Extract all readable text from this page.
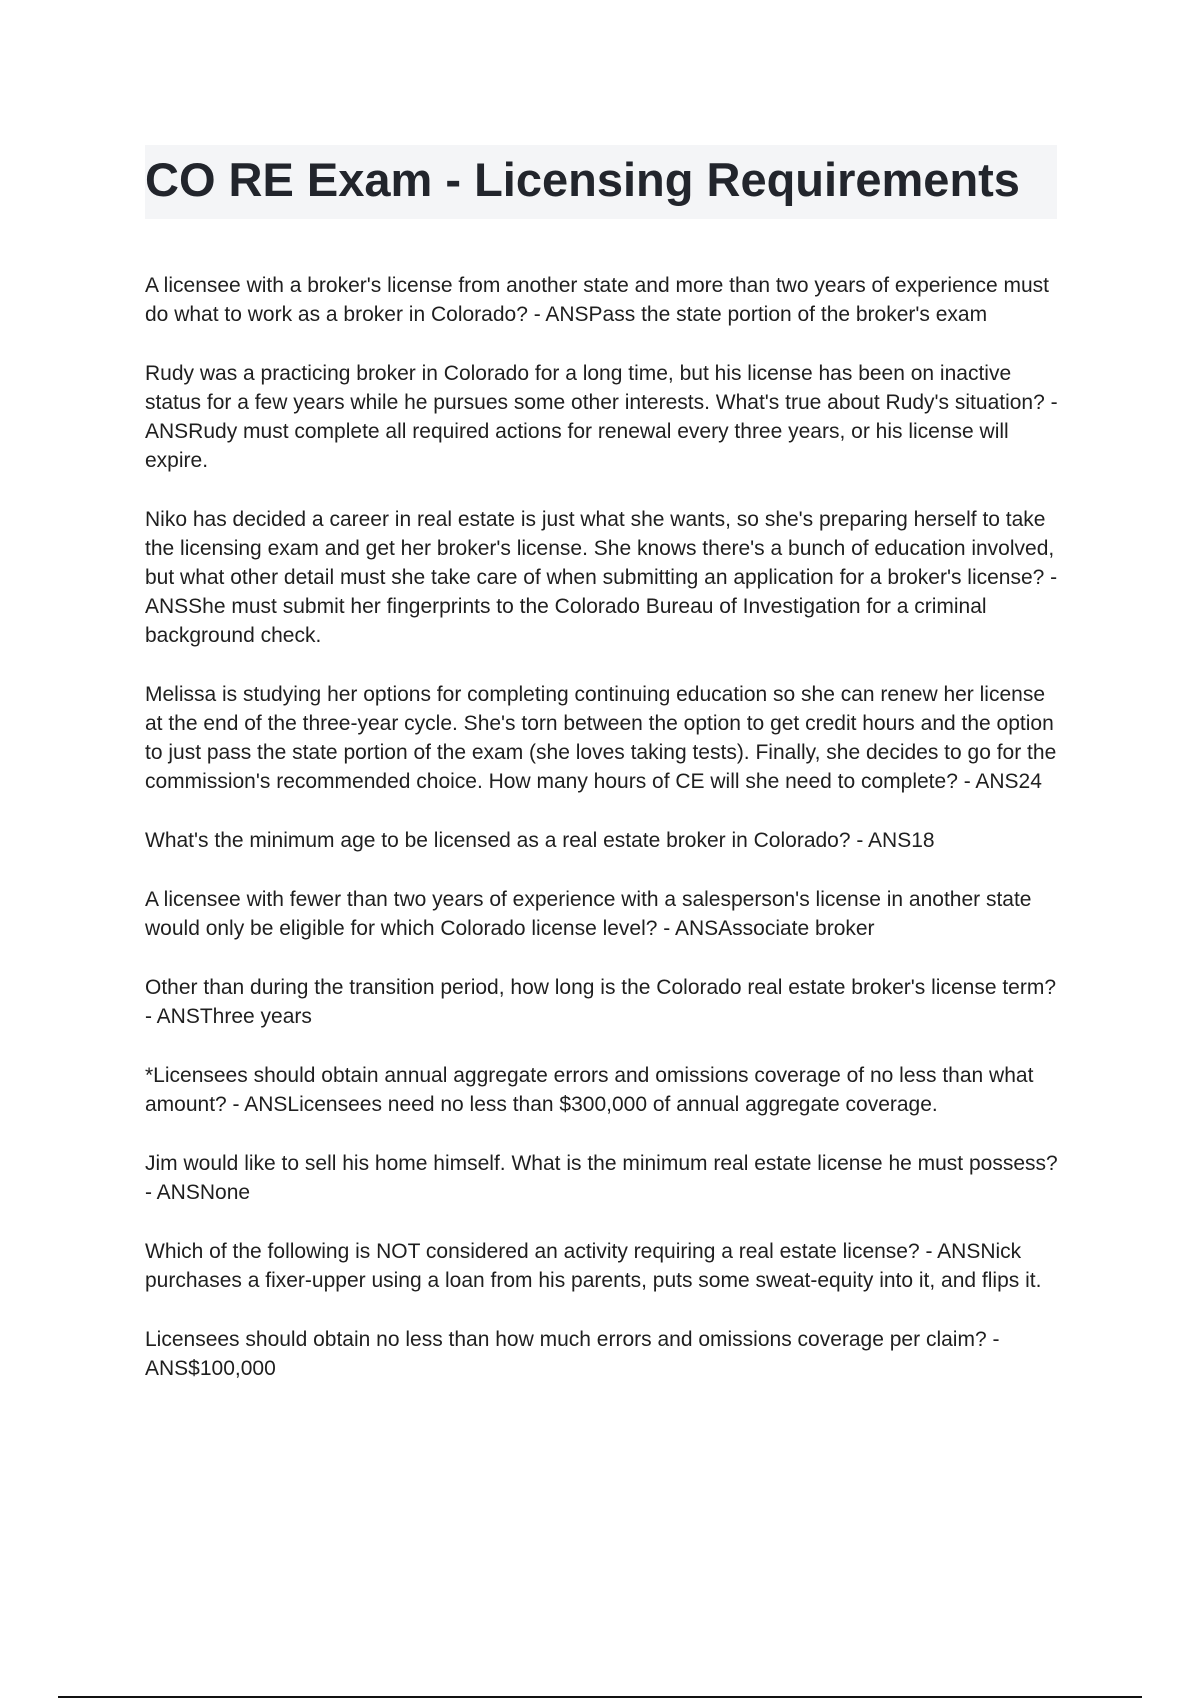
CO RE Exam - Licensing Requirements

A licensee with a broker's license from another state and more than two years of experience must do what to work as a broker in Colorado? - ANSPass the state portion of the broker's exam

Rudy was a practicing broker in Colorado for a long time, but his license has been on inactive status for a few years while he pursues some other interests. What's true about Rudy's situation? - ANSRudy must complete all required actions for renewal every three years, or his license will expire.

Niko has decided a career in real estate is just what she wants, so she's preparing herself to take the licensing exam and get her broker's license. She knows there's a bunch of education involved, but what other detail must she take care of when submitting an application for a broker's license? - ANSShe must submit her fingerprints to the Colorado Bureau of Investigation for a criminal background check.

Melissa is studying her options for completing continuing education so she can renew her license at the end of the three-year cycle. She's torn between the option to get credit hours and the option to just pass the state portion of the exam (she loves taking tests). Finally, she decides to go for the commission's recommended choice. How many hours of CE will she need to complete? - ANS24

What's the minimum age to be licensed as a real estate broker in Colorado? - ANS18

A licensee with fewer than two years of experience with a salesperson's license in another state would only be eligible for which Colorado license level? - ANSAssociate broker

Other than during the transition period, how long is the Colorado real estate broker's license term? - ANSThree years

*Licensees should obtain annual aggregate errors and omissions coverage of no less than what amount? - ANSLicensees need no less than $300,000 of annual aggregate coverage.

Jim would like to sell his home himself. What is the minimum real estate license he must possess? - ANSNone

Which of the following is NOT considered an activity requiring a real estate license? - ANSNick purchases a fixer-upper using a loan from his parents, puts some sweat-equity into it, and flips it.

Licensees should obtain no less than how much errors and omissions coverage per claim? - ANS$100,000
